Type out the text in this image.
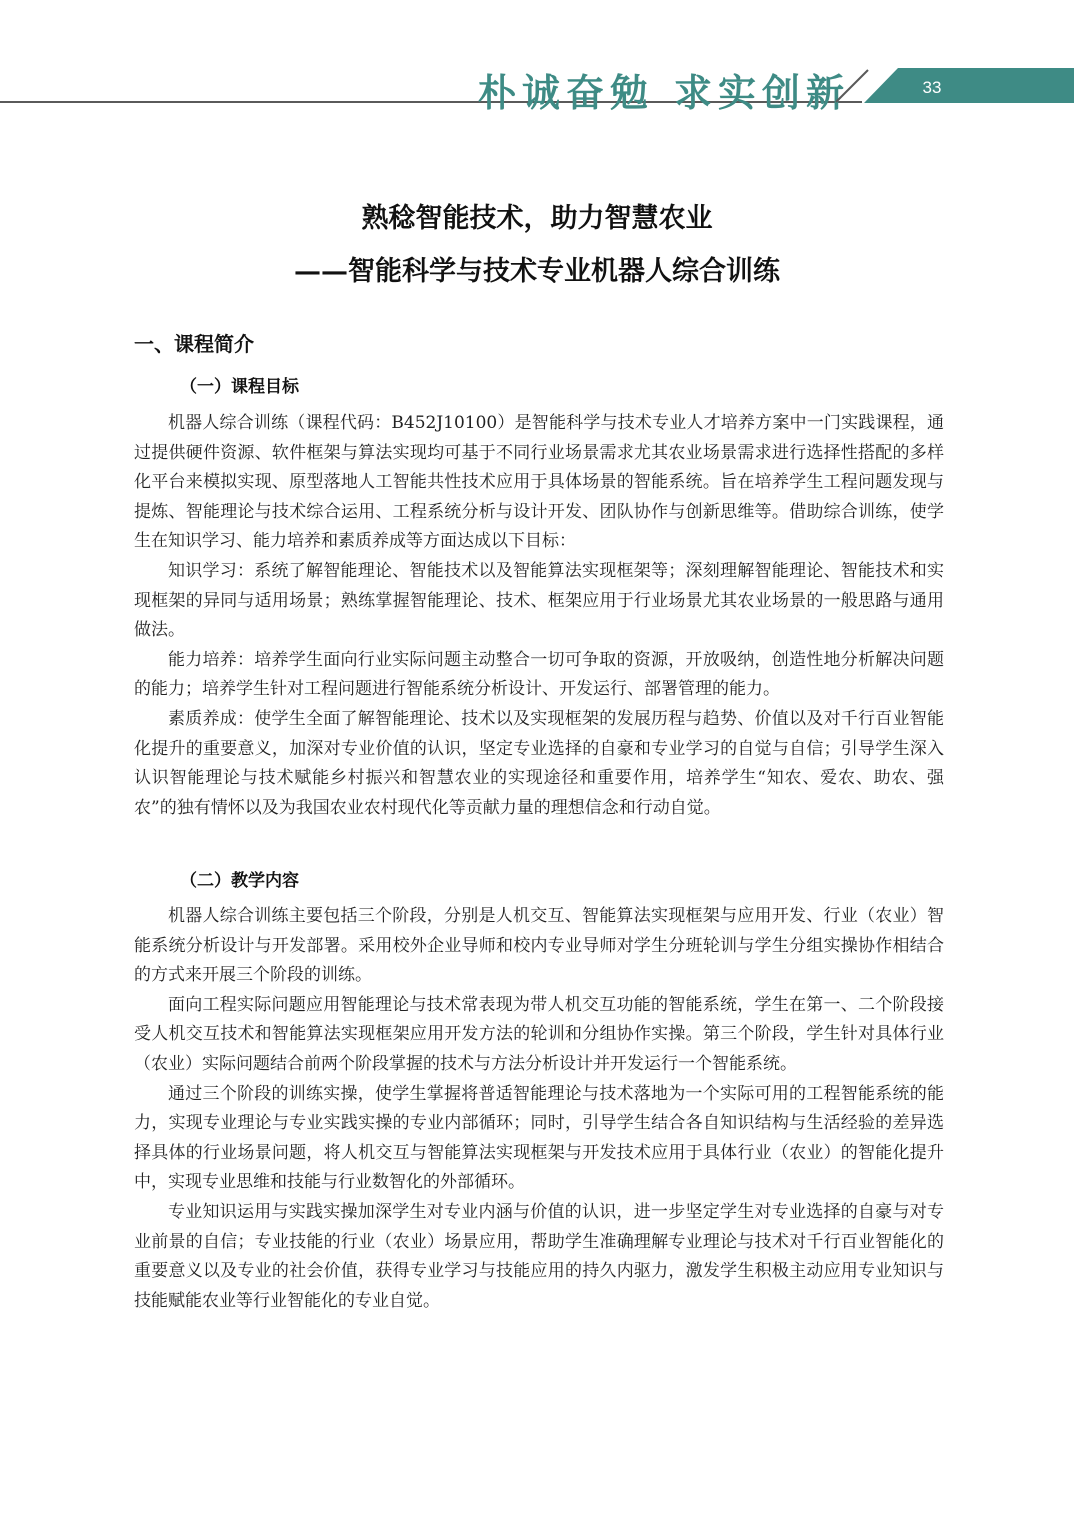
朴诚奋勉 求实创新	33
熟稔智能技术，助力智慧农业
——智能科学与技术专业机器人综合训练
一、课程简介
（一）课程目标

机器人综合训练（课程代码：B452J10100）是智能科学与技术专业人才培养方案中一门实践课程，通过提供硬件资源、软件框架与算法实现均可基于不同行业场景需求尤其农业场景需求进行选择性搭配的多样化平台来模拟实现、原型落地人工智能共性技术应用于具体场景的智能系统。旨在培养学生工程问题发现与提炼、智能理论与技术综合运用、工程系统分析与设计开发、团队协作与创新思维等。借助综合训练，使学生在知识学习、能力培养和素质养成等方面达成以下目标：

知识学习：系统了解智能理论、智能技术以及智能算法实现框架等；深刻理解智能理论、智能技术和实现框架的异同与适用场景；熟练掌握智能理论、技术、框架应用于行业场景尤其农业场景的一般思路与通用做法。

能力培养：培养学生面向行业实际问题主动整合一切可争取的资源，开放吸纳，创造性地分析解决问题的能力；培养学生针对工程问题进行智能系统分析设计、开发运行、部署管理的能力。

素质养成：使学生全面了解智能理论、技术以及实现框架的发展历程与趋势、价值以及对千行百业智能化提升的重要意义，加深对专业价值的认识，坚定专业选择的自豪和专业学习的自觉与自信；引导学生深入认识智能理论与技术赋能乡村振兴和智慧农业的实现途径和重要作用，培养学生“知农、爱农、助农、强农”的独有情怀以及为我国农业农村现代化等贡献力量的理想信念和行动自觉。

（二）教学内容

机器人综合训练主要包括三个阶段，分别是人机交互、智能算法实现框架与应用开发、行业（农业）智能系统分析设计与开发部署。采用校外企业导师和校内专业导师对学生分班轮训与学生分组实操协作相结合的方式来开展三个阶段的训练。

面向工程实际问题应用智能理论与技术常表现为带人机交互功能的智能系统，学生在第一、二个阶段接受人机交互技术和智能算法实现框架应用开发方法的轮训和分组协作实操。第三个阶段，学生针对具体行业（农业）实际问题结合前两个阶段掌握的技术与方法分析设计并开发运行一个智能系统。

通过三个阶段的训练实操，使学生掌握将普适智能理论与技术落地为一个实际可用的工程智能系统的能力，实现专业理论与专业实践实操的专业内部循环；同时，引导学生结合各自知识结构与生活经验的差异选择具体的行业场景问题，将人机交互与智能算法实现框架与开发技术应用于具体行业（农业）的智能化提升中，实现专业思维和技能与行业数智化的外部循环。

专业知识运用与实践实操加深学生对专业内涵与价值的认识，进一步坚定学生对专业选择的自豪与对专业前景的自信；专业技能的行业（农业）场景应用，帮助学生准确理解专业理论与技术对千行百业智能化的重要意义以及专业的社会价值，获得专业学习与技能应用的持久内驱力，激发学生积极主动应用专业知识与技能赋能农业等行业智能化的专业自觉。
